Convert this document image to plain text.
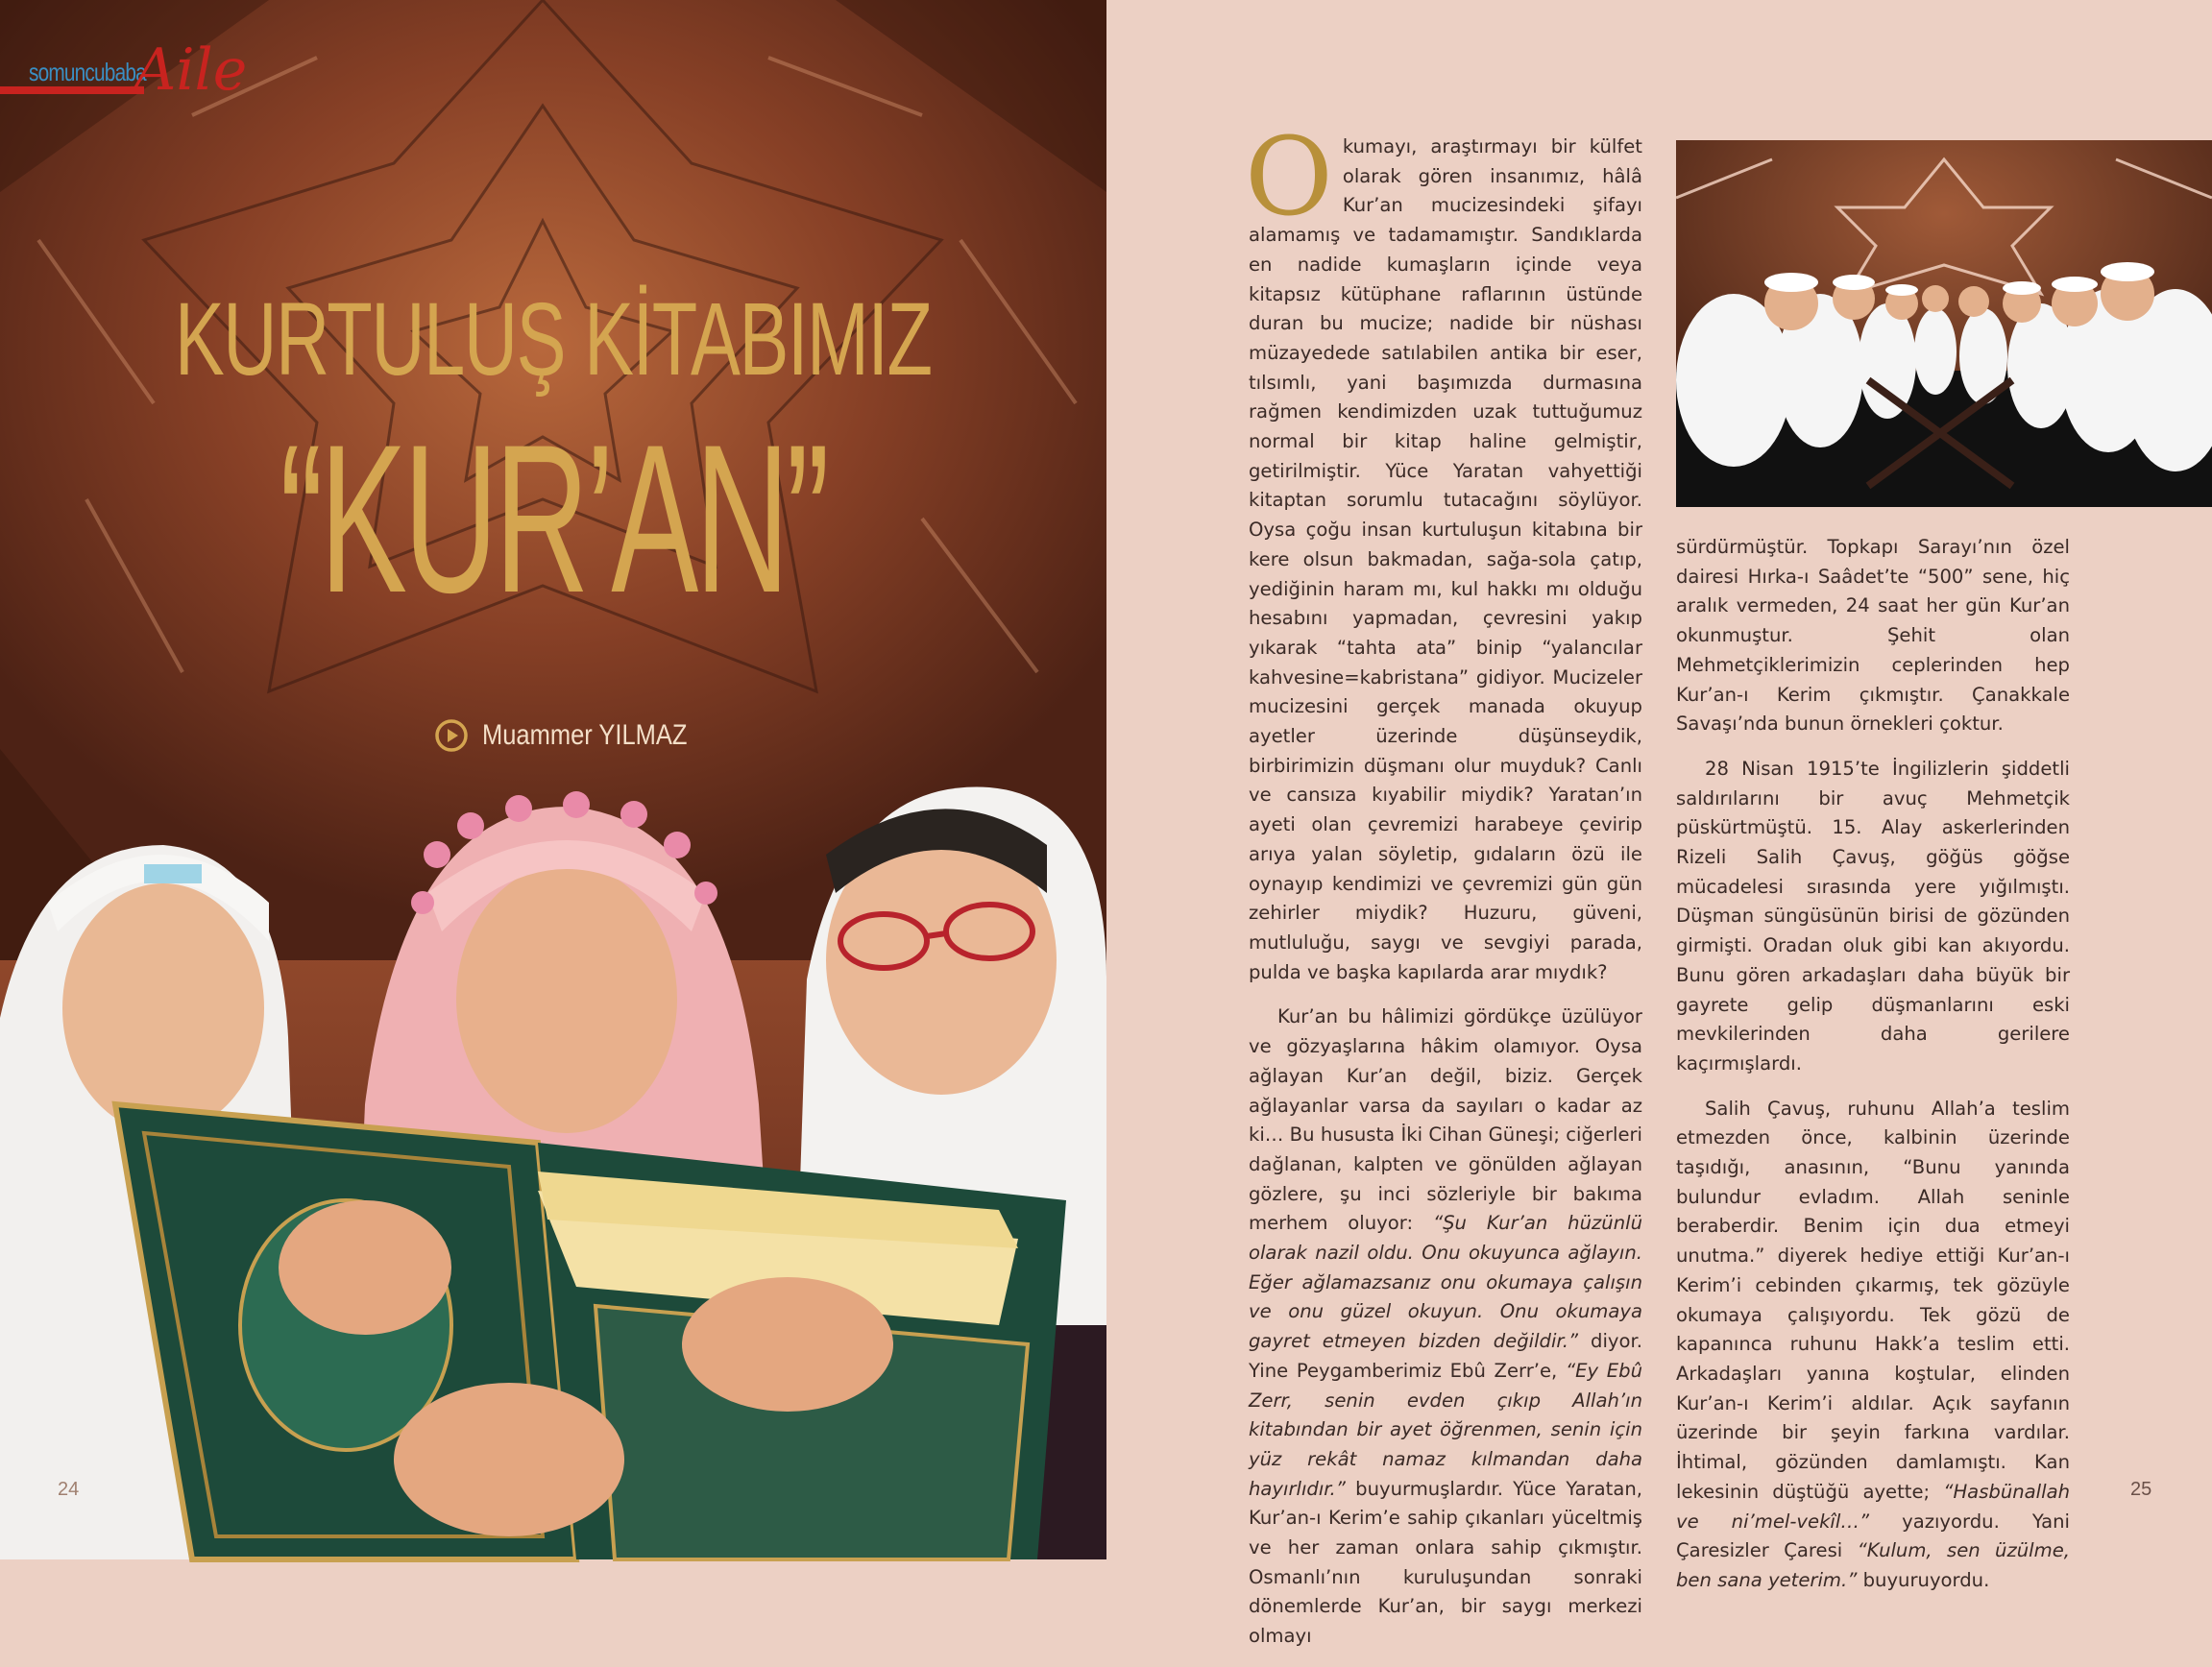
somuncubaba
Aile
KURTULUŞ KİTABIMIZ
“KUR’AN”
Muammer YILMAZ
24

Okumayı, araştırmayı bir külfet olarak gören insanımız, hâlâ Kur’an mucizesindeki şifayı alamamış ve tadamamıştır. Sandıklarda en nadide kumaşların içinde veya kitapsız kütüphane raflarının üstünde duran bu mucize; nadide bir nüshası müzayedede satılabilen antika bir eser, tılsımlı, yani başımızda durmasına rağmen kendimizden uzak tuttuğumuz normal bir kitap haline gelmiştir, getirilmiştir. Yüce Yaratan vahyettiği kitaptan sorumlu tutacağını söylüyor. Oysa çoğu insan kurtuluşun kitabına bir kere olsun bakmadan, sağa-sola çatıp, yediğinin haram mı, kul hakkı mı olduğu hesabını yapmadan, çevresini yakıp yıkarak “tahta ata” binip “yalancılar kahvesine=kabristana” gidiyor. Mucizeler mucizesini gerçek manada okuyup ayetler üzerinde düşünseydik, birbirimizin düşmanı olur muyduk? Canlı ve cansıza kıyabilir miydik? Yaratan’ın ayeti olan çevremizi harabeye çevirip arıya yalan söyletip, gıdaların özü ile oynayıp kendimizi ve çevremizi gün gün zehirler miydik? Huzuru, güveni, mutluluğu, saygı ve sevgiyi parada, pulda ve başka kapılarda arar mıydık?

Kur’an bu hâlimizi gördükçe üzülüyor ve gözyaşlarına hâkim olamıyor. Oysa ağlayan Kur’an değil, biziz. Gerçek ağlayanlar varsa da sayıları o kadar az ki… Bu hususta İki Cihan Güneşi; ciğerleri dağlanan, kalpten ve gönülden ağlayan gözlere, şu inci sözleriyle bir bakıma merhem oluyor: “Şu Kur’an hüzünlü olarak nazil oldu. Onu okuyunca ağlayın. Eğer ağlamazsanız onu okumaya çalışın ve onu güzel okuyun. Onu okumaya gayret etmeyen bizden değildir.” diyor. Yine Peygamberimiz Ebû Zerr’e, “Ey Ebû Zerr, senin evden çıkıp Allah’ın kitabından bir ayet öğrenmen, senin için yüz rekât namaz kılmandan daha hayırlıdır.” buyurmuşlardır. Yüce Yaratan, Kur’an-ı Kerim’e sahip çıkanları yüceltmiş ve her zaman onlara sahip çıkmıştır. Osmanlı’nın kuruluşundan sonraki dönemlerde Kur’an, bir saygı merkezi olmayı

sürdürmüştür. Topkapı Sarayı’nın özel dairesi Hırka-ı Saâdet’te “500” sene, hiç aralık vermeden, 24 saat her gün Kur’an okunmuştur. Şehit olan Mehmetçiklerimizin ceplerinden hep Kur’an-ı Kerim çıkmıştır. Çanakkale Savaşı’nda bunun örnekleri çoktur.

28 Nisan 1915’te İngilizlerin şiddetli saldırılarını bir avuç Mehmetçik püskürtmüştü. 15. Alay askerlerinden Rizeli Salih Çavuş, göğüs göğse mücadelesi sırasında yere yığılmıştı. Düşman süngüsünün birisi de gözünden girmişti. Oradan oluk gibi kan akıyordu. Bunu gören arkadaşları daha büyük bir gayrete gelip düşmanlarını eski mevkilerinden daha gerilere kaçırmışlardı.

Salih Çavuş, ruhunu Allah’a teslim etmezden önce, kalbinin üzerinde taşıdığı, anasının, “Bunu yanında bulundur evladım. Allah seninle beraberdir. Benim için dua etmeyi unutma.” diyerek hediye ettiği Kur’an-ı Kerim’i cebinden çıkarmış, tek gözüyle okumaya çalışıyordu. Tek gözü de kapanınca ruhunu Hakk’a teslim etti. Arkadaşları yanına koştular, elinden Kur’an-ı Kerim’i aldılar. Açık sayfanın üzerinde bir şeyin farkına vardılar. İhtimal, gözünden damlamıştı. Kan lekesinin düştüğü ayette; “Hasbünallah ve ni’mel-vekîl…” yazıyordu. Yani Çaresizler Çaresi “Kulum, sen üzülme, ben sana yeterim.” buyuruyordu.

25
